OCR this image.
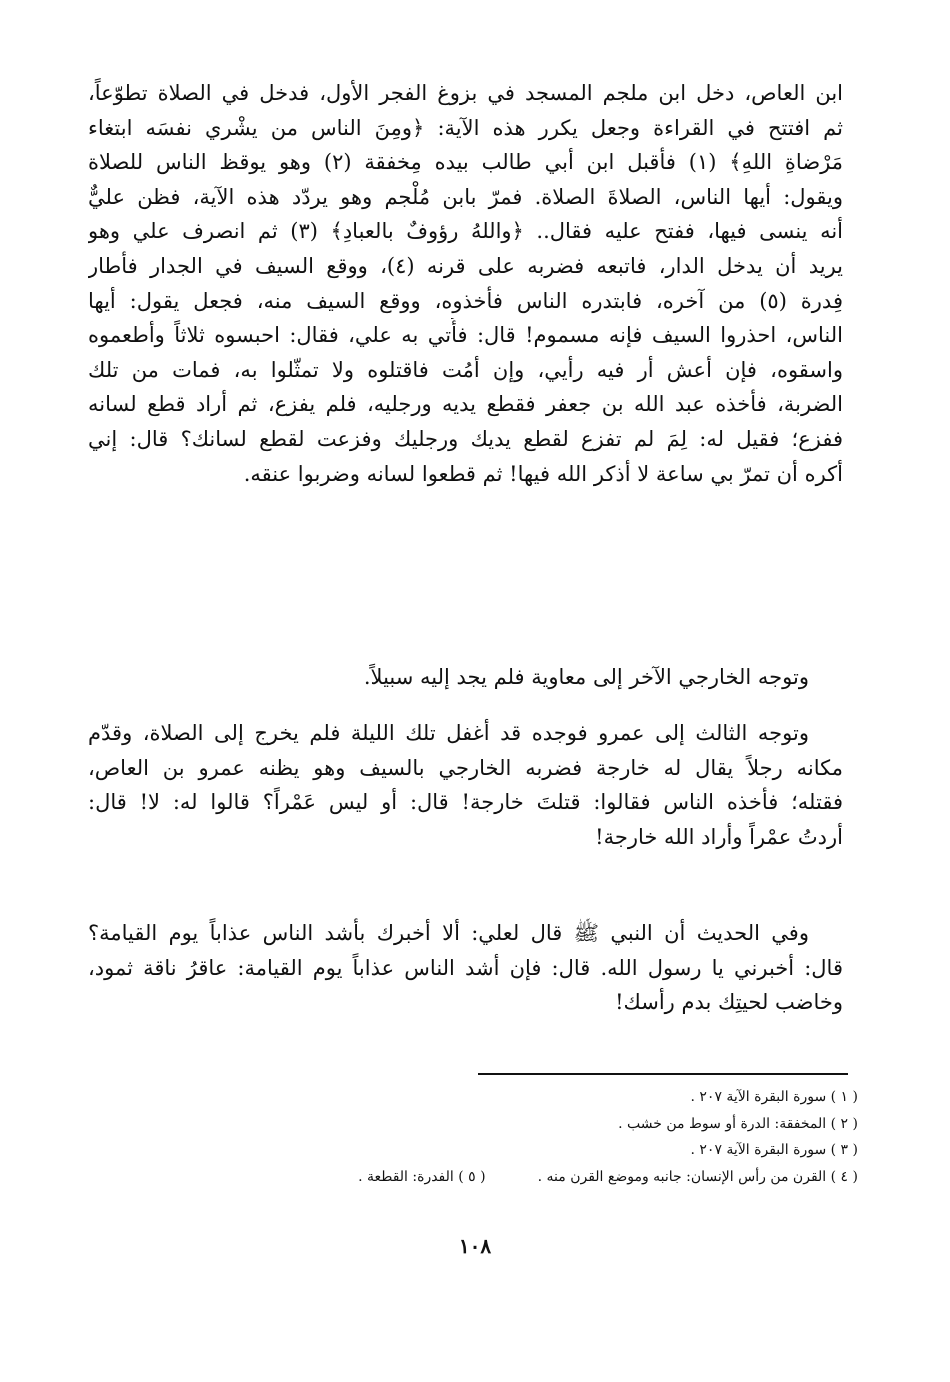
ابن العاص، دخل ابن ملجم المسجد في بزوغ الفجر الأول، فدخل في الصلاة تطوّعاً،
ثم افتتح في القراءة وجعل يكرر هذه الآية: ﴿ومِنَ الناس من يشْري نفسَه ابتغاء
مَرْضاةِ اللهِ﴾ (١) فأقبل ابن أبي طالب بيده مِخفقة (٢) وهو يوقظ الناس للصلاة
ويقول: أيها الناس، الصلاةَ الصلاة. فمرّ بابن مُلْجم وهو يردّد هذه الآية، فظن عليٌّ
أنه ينسى فيها، ففتح عليه فقال.. ﴿واللهُ رؤوفٌ بالعبادِ﴾ (٣) ثم انصرف علي وهو
يريد أن يدخل الدار، فاتبعه فضربه على قرنه (٤)، ووقع السيف في الجدار فأطار
فِدرة (٥) من آخره، فابتدره الناس فأخذوه، ووقع السيف منه، فجعل يقول: أيها
الناس، احذروا السيف فإنه مسموم! قال: فأُتي به علي، فقال: احبسوه ثلاثاً وأطعموه
واسقوه، فإن أعش أر فيه رأيي، وإن أمُت فاقتلوه ولا تمثّلوا به، فمات من تلك
الضربة، فأخذه عبد الله بن جعفر فقطع يديه ورجليه، فلم يفزع، ثم أراد قطع لسانه
ففزع؛ فقيل له: لِمَ لم تفزع لقطع يديك ورجليك وفزعت لقطع لسانك؟ قال: إني
أكره أن تمرّ بي ساعة لا أذكر الله فيها! ثم قطعوا لسانه وضربوا عنقه.
وتوجه الخارجي الآخر إلى معاوية فلم يجد إليه سبيلاً.
وتوجه الثالث إلى عمرو فوجده قد أغفل تلك الليلة فلم يخرج إلى الصلاة، وقدّم
مكانه رجلاً يقال له خارجة فضربه الخارجي بالسيف وهو يظنه عمرو بن العاص،
فقتله؛ فأخذه الناس فقالوا: قتلتَ خارجة! قال: أو ليس عَمْراً؟ قالوا له: لا! قال:
أردتُ عمْراً وأراد الله خارجة!
وفي الحديث أن النبي ﷺ قال لعلي: ألا أخبرك بأشد الناس عذاباً يوم القيامة؟
قال: أخبرني يا رسول الله. قال: فإن أشد الناس عذاباً يوم القيامة: عاقرُ ناقة ثمود،
وخاضب لحيتِك بدم رأسك!
( ١ ) سورة البقرة الآية ٢٠٧ .
( ٢ ) المخفقة: الدرة أو سوط من خشب .
( ٣ ) سورة البقرة الآية ٢٠٧ .
( ٤ ) القرن من رأس الإنسان: جانبه وموضع القرن منه .
( ٥ ) الفدرة: القطعة .
١٠٨
